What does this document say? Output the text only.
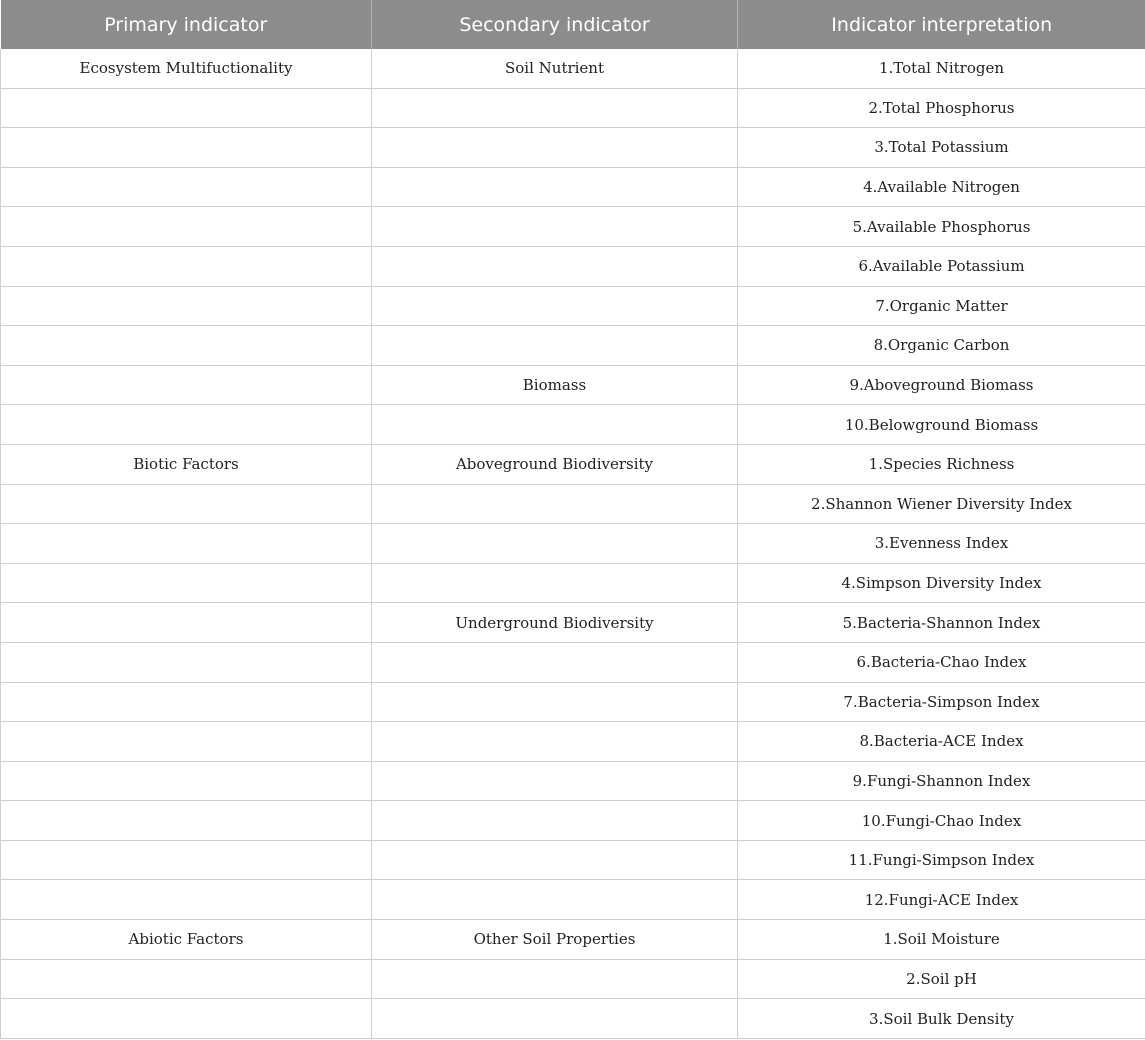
Primary indicator	Secondary indicator	Indicator interpretation
Ecosystem Multifuctionality	Soil Nutrient	1.Total Nitrogen
		2.Total Phosphorus
		3.Total Potassium
		4.Available Nitrogen
		5.Available Phosphorus
		6.Available Potassium
		7.Organic Matter
		8.Organic Carbon
	Biomass	9.Aboveground Biomass
		10.Belowground Biomass
Biotic Factors	Aboveground Biodiversity	1.Species Richness
		2.Shannon Wiener Diversity Index
		3.Evenness Index
		4.Simpson Diversity Index
	Underground Biodiversity	5.Bacteria-Shannon Index
		6.Bacteria-Chao Index
		7.Bacteria-Simpson Index
		8.Bacteria-ACE Index
		9.Fungi-Shannon Index
		10.Fungi-Chao Index
		11.Fungi-Simpson Index
		12.Fungi-ACE Index
Abiotic Factors	Other Soil Properties	1.Soil Moisture
		2.Soil pH
		3.Soil Bulk Density
